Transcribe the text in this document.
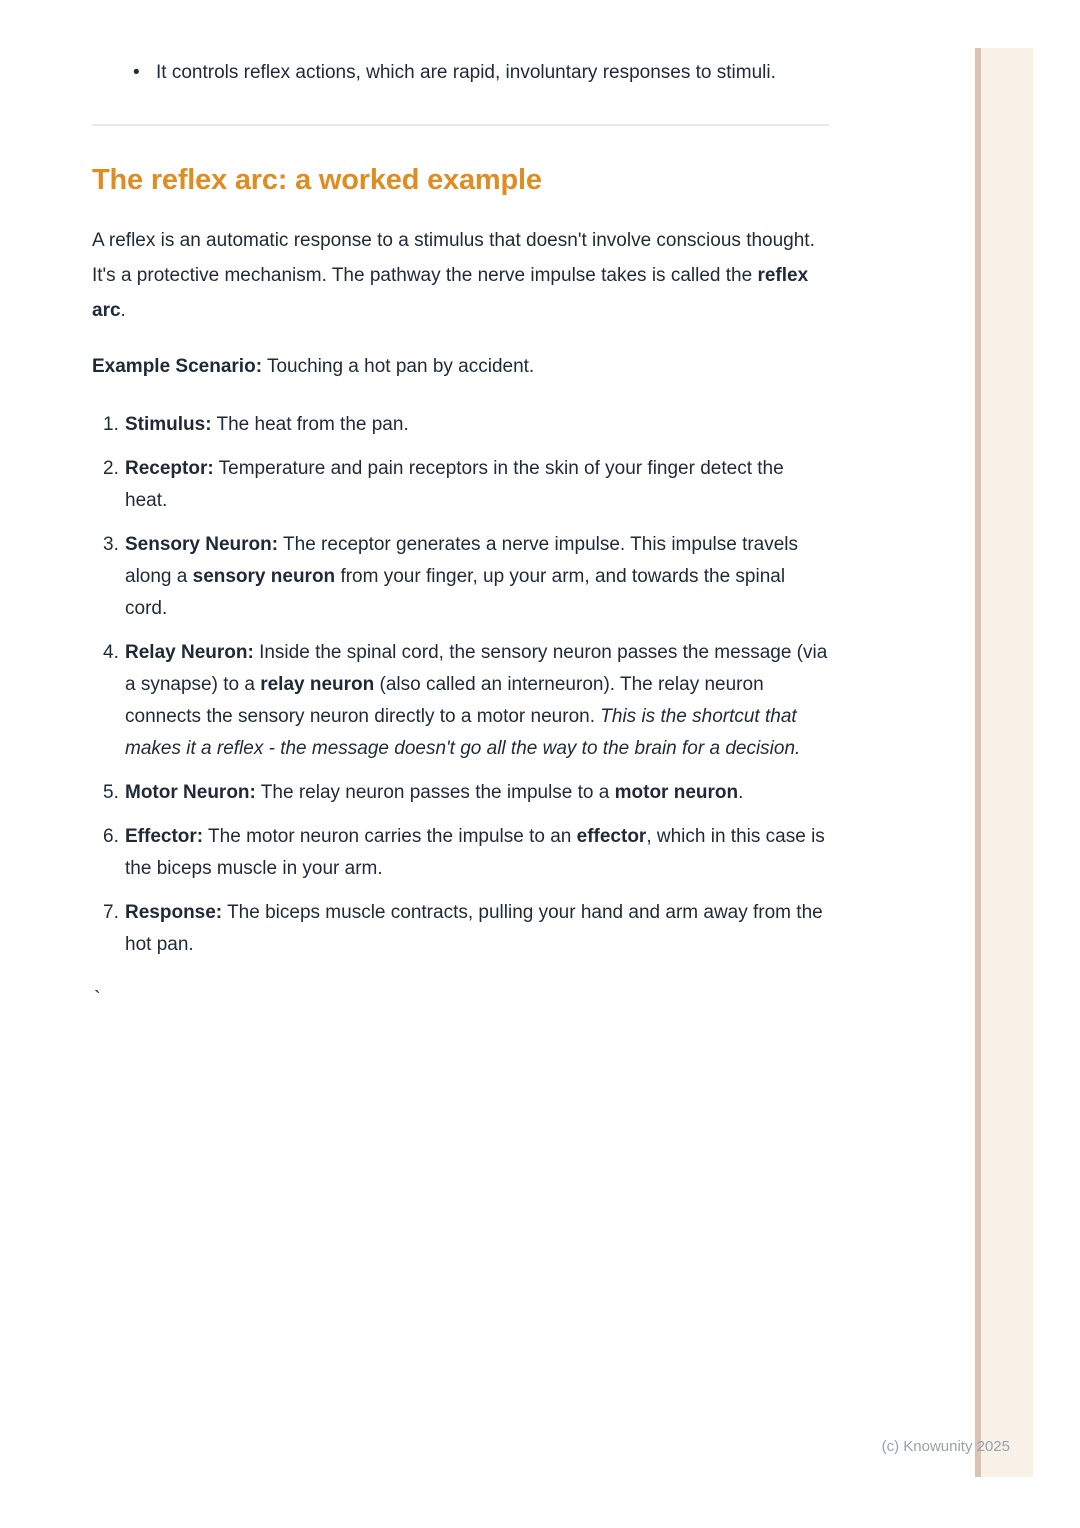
• It controls reflex actions, which are rapid, involuntary responses to stimuli.
The reflex arc: a worked example

A reflex is an automatic response to a stimulus that doesn't involve conscious thought. It's a protective mechanism. The pathway the nerve impulse takes is called the reflex arc.

Example Scenario: Touching a hot pan by accident.

1. Stimulus: The heat from the pan.
2. Receptor: Temperature and pain receptors in the skin of your finger detect the heat.
3. Sensory Neuron: The receptor generates a nerve impulse. This impulse travels along a sensory neuron from your finger, up your arm, and towards the spinal cord.
4. Relay Neuron: Inside the spinal cord, the sensory neuron passes the message (via a synapse) to a relay neuron (also called an interneuron). The relay neuron connects the sensory neuron directly to a motor neuron. This is the shortcut that makes it a reflex - the message doesn't go all the way to the brain for a decision.
5. Motor Neuron: The relay neuron passes the impulse to a motor neuron.
6. Effector: The motor neuron carries the impulse to an effector, which in this case is the biceps muscle in your arm.
7. Response: The biceps muscle contracts, pulling your hand and arm away from the hot pan.
`
(c) Knowunity 2025
